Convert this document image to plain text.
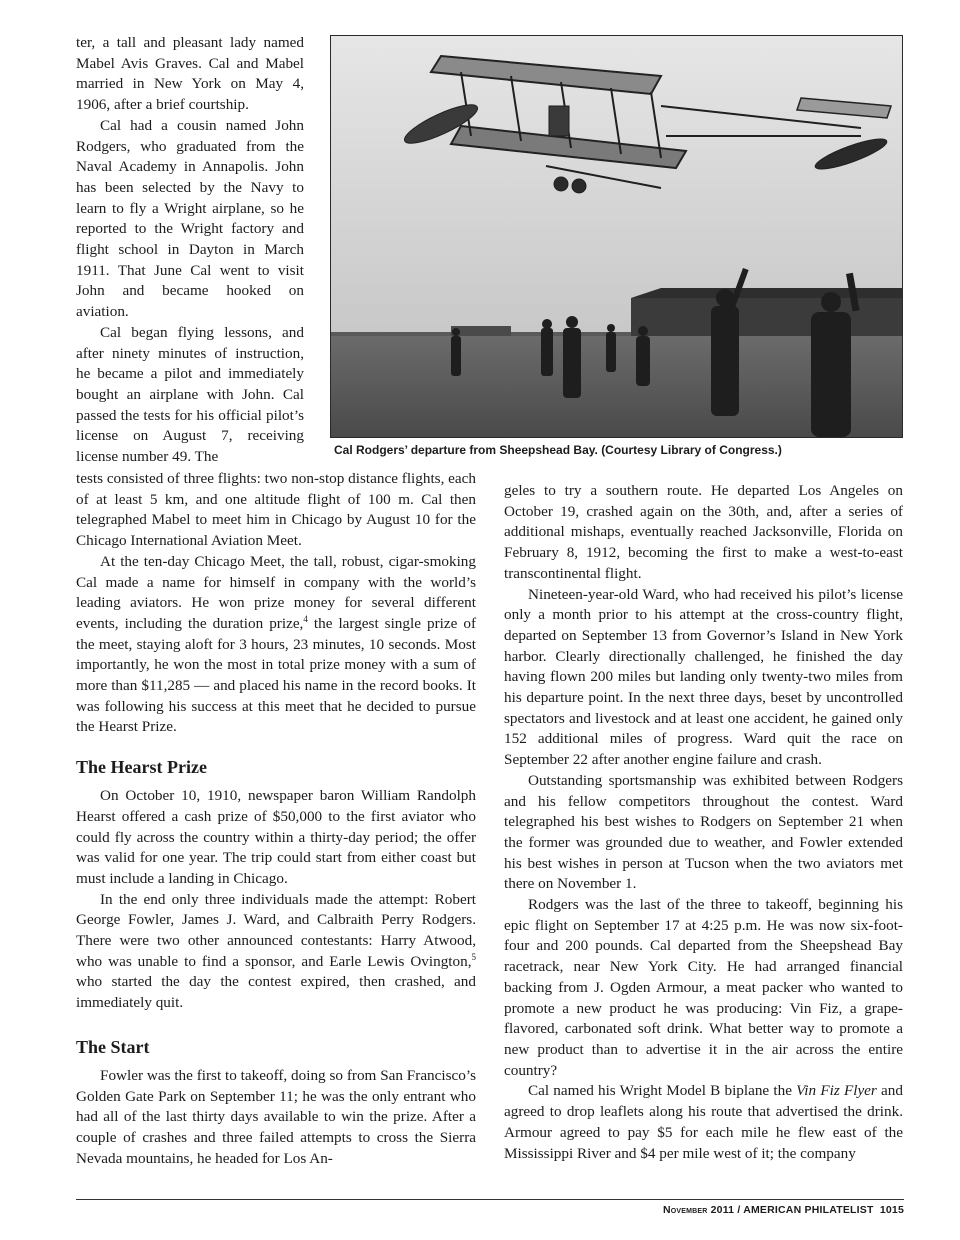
ter, a tall and pleasant lady named Mabel Avis Graves. Cal and Mabel married in New York on May 4, 1906, after a brief courtship.

Cal had a cousin named John Rodgers, who graduated from the Naval Academy in Annapolis. John has been selected by the Navy to learn to fly a Wright airplane, so he reported to the Wright factory and flight school in Dayton in March 1911. That June Cal went to visit John and became hooked on aviation.

Cal began flying lessons, and after ninety minutes of instruction, he became a pilot and immediately bought an airplane with John. Cal passed the tests for his official pilot’s license on August 7, receiving license number 49. The	Cal Rodgers’ departure from Sheepshead Bay. (Courtesy Library of Congress.)

tests consisted of three flights: two non-stop distance flights, each of at least 5 km, and one altitude flight of 100 m. Cal then telegraphed Mabel to meet him in Chicago by August 10 for the Chicago International Aviation Meet.

At the ten-day Chicago Meet, the tall, robust, cigar-smoking Cal made a name for himself in company with the world’s leading aviators. He won prize money for several different events, including the duration prize,$^4$ the largest single prize of the meet, staying aloft for 3 hours, 23 minutes, 10 seconds. Most importantly, he won the most in total prize money with a sum of more than $11,285 — and placed his name in the record books. It was following his success at this meet that he decided to pursue the Hearst Prize.

The Hearst Prize

On October 10, 1910, newspaper baron William Randolph Hearst offered a cash prize of $50,000 to the first aviator who could fly across the country within a thirty-day period; the offer was valid for one year. The trip could start from either coast but must include a landing in Chicago.

In the end only three individuals made the attempt: Robert George Fowler, James J. Ward, and Calbraith Perry Rodgers. There were two other announced contestants: Harry Atwood, who was unable to find a sponsor, and Earle Lewis Ovington,$^5$ who started the day the contest expired, then crashed, and immediately quit.

The Start

Fowler was the first to takeoff, doing so from San Francisco’s Golden Gate Park on September 11; he was the only entrant who had all of the last thirty days available to win the prize. After a couple of crashes and three failed attempts to cross the Sierra Nevada mountains, he headed for Los An-

geles to try a southern route. He departed Los Angeles on October 19, crashed again on the 30th, and, after a series of additional mishaps, eventually reached Jacksonville, Florida on February 8, 1912, becoming the first to make a west-to-east transcontinental flight.

Nineteen-year-old Ward, who had received his pilot’s license only a month prior to his attempt at the cross-country flight, departed on September 13 from Governor’s Island in New York harbor. Clearly directionally challenged, he finished the day having flown 200 miles but landing only twenty-two miles from his departure point. In the next three days, beset by uncontrolled spectators and livestock and at least one accident, he gained only 152 additional miles of progress. Ward quit the race on September 22 after another engine failure and crash.

Outstanding sportsmanship was exhibited between Rodgers and his fellow competitors throughout the contest. Ward telegraphed his best wishes to Rodgers on September 21 when the former was grounded due to weather, and Fowler extended his best wishes in person at Tucson when the two aviators met there on November 1.

Rodgers was the last of the three to takeoff, beginning his epic flight on September 17 at 4:25 p.m. He was now six-foot-four and 200 pounds. Cal departed from the Sheepshead Bay racetrack, near New York City. He had arranged financial backing from J. Ogden Armour, a meat packer who wanted to promote a new product he was producing: Vin Fiz, a grape-flavored, carbonated soft drink. What better way to promote a new product than to advertise it in the air across the entire country?

Cal named his Wright Model B biplane the Vin Fiz Flyer and agreed to drop leaflets along his route that advertised the drink. Armour agreed to pay $5 for each mile he flew east of the Mississippi River and $4 per mile west of it; the company

November 2011 / AMERICAN PHILATELIST 1015
